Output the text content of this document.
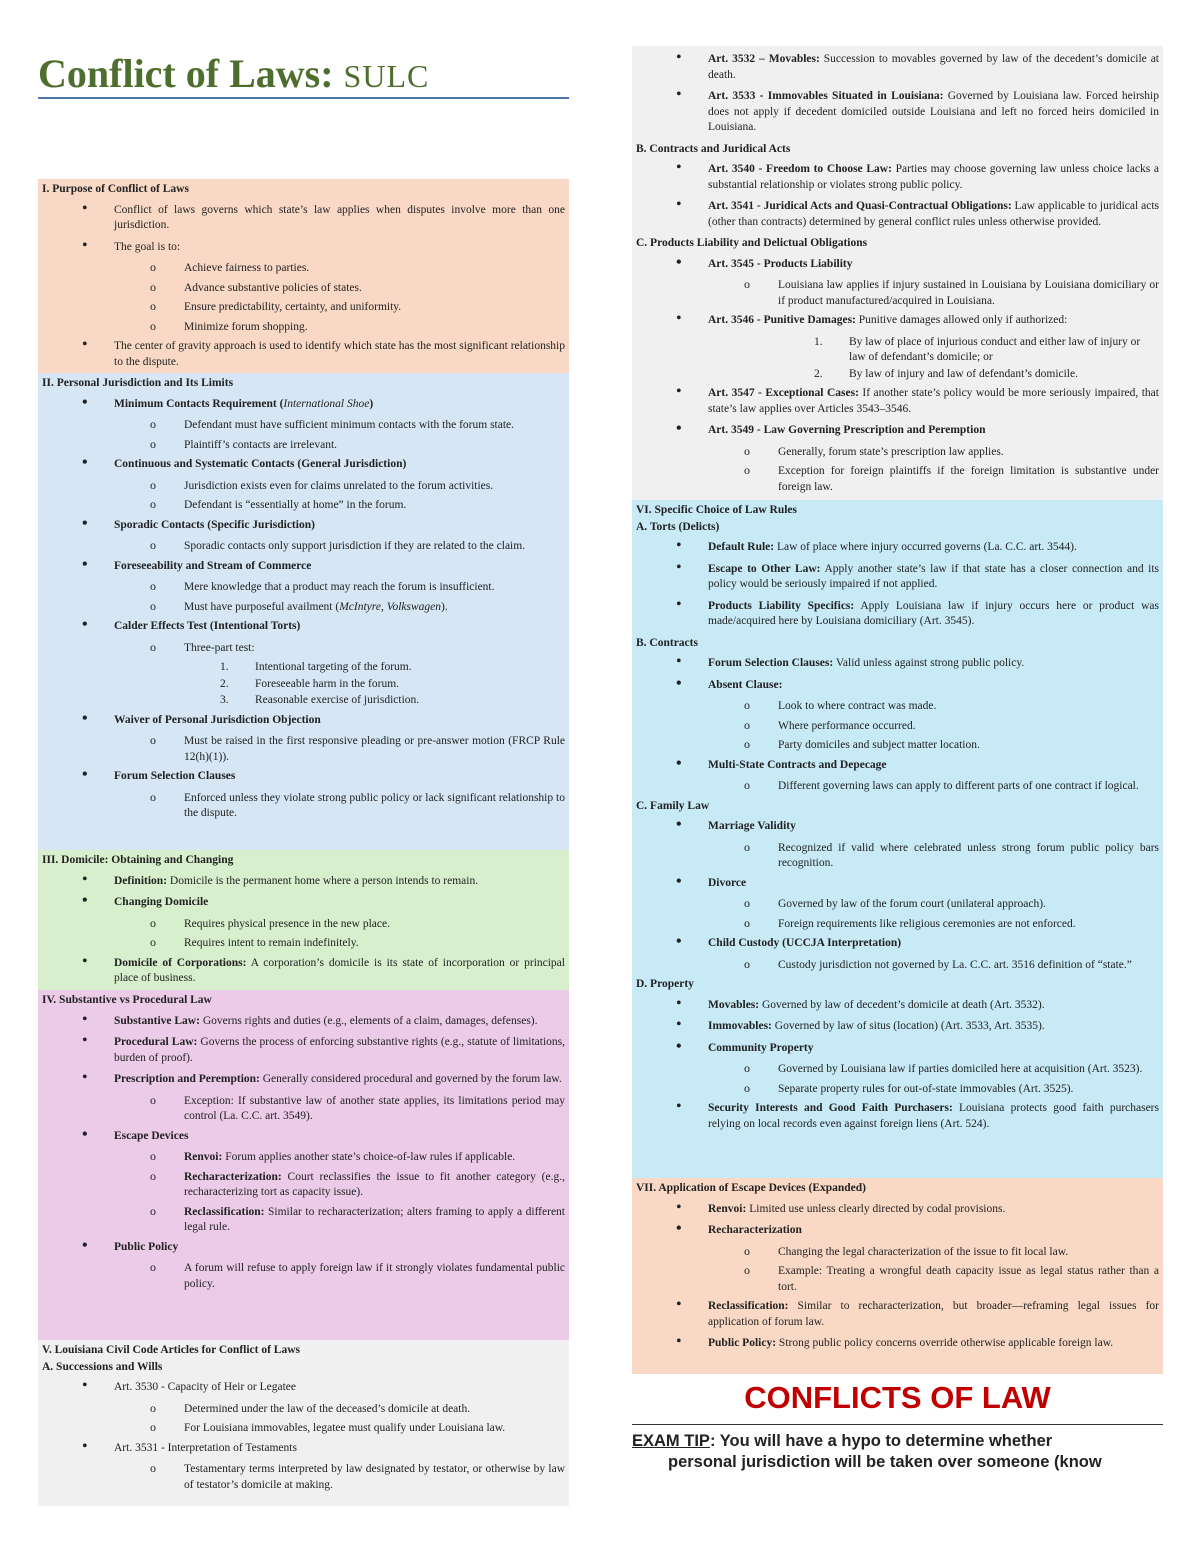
Conflict of Laws: SULC
I. Purpose of Conflict of Laws
• Conflict of laws governs which state’s law applies when disputes involve more than one jurisdiction.
• The goal is to:
o Achieve fairness to parties.
o Advance substantive policies of states.
o Ensure predictability, certainty, and uniformity.
o Minimize forum shopping.
• The center of gravity approach is used to identify which state has the most significant relationship to the dispute.
II. Personal Jurisdiction and Its Limits
• Minimum Contacts Requirement (International Shoe)
o Defendant must have sufficient minimum contacts with the forum state.
o Plaintiff’s contacts are irrelevant.
• Continuous and Systematic Contacts (General Jurisdiction)
o Jurisdiction exists even for claims unrelated to the forum activities.
o Defendant is “essentially at home” in the forum.
• Sporadic Contacts (Specific Jurisdiction)
o Sporadic contacts only support jurisdiction if they are related to the claim.
• Foreseeability and Stream of Commerce
o Mere knowledge that a product may reach the forum is insufficient.
o Must have purposeful availment (McIntyre, Volkswagen).
• Calder Effects Test (Intentional Torts)
o Three-part test:
1. Intentional targeting of the forum.
2. Foreseeable harm in the forum.
3. Reasonable exercise of jurisdiction.
• Waiver of Personal Jurisdiction Objection
o Must be raised in the first responsive pleading or pre-answer motion (FRCP Rule 12(h)(1)).
• Forum Selection Clauses
o Enforced unless they violate strong public policy or lack significant relationship to the dispute.
III. Domicile: Obtaining and Changing
• Definition: Domicile is the permanent home where a person intends to remain.
• Changing Domicile
o Requires physical presence in the new place.
o Requires intent to remain indefinitely.
• Domicile of Corporations: A corporation’s domicile is its state of incorporation or principal place of business.
IV. Substantive vs Procedural Law
• Substantive Law: Governs rights and duties (e.g., elements of a claim, damages, defenses).
• Procedural Law: Governs the process of enforcing substantive rights (e.g., statute of limitations, burden of proof).
• Prescription and Peremption: Generally considered procedural and governed by the forum law.
o Exception: If substantive law of another state applies, its limitations period may control (La. C.C. art. 3549).
• Escape Devices
o Renvoi: Forum applies another state’s choice-of-law rules if applicable.
o Recharacterization: Court reclassifies the issue to fit another category (e.g., recharacterizing tort as capacity issue).
o Reclassification: Similar to recharacterization; alters framing to apply a different legal rule.
• Public Policy
o A forum will refuse to apply foreign law if it strongly violates fundamental public policy.
V. Louisiana Civil Code Articles for Conflict of Laws
A. Successions and Wills
• Art. 3530 - Capacity of Heir or Legatee
o Determined under the law of the deceased’s domicile at death.
o For Louisiana immovables, legatee must qualify under Louisiana law.
• Art. 3531 - Interpretation of Testaments
o Testamentary terms interpreted by law designated by testator, or otherwise by law of testator’s domicile at making.
• Art. 3532 – Movables: Succession to movables governed by law of the decedent’s domicile at death.
• Art. 3533 - Immovables Situated in Louisiana: Governed by Louisiana law. Forced heirship does not apply if decedent domiciled outside Louisiana and left no forced heirs domiciled in Louisiana.
B. Contracts and Juridical Acts
• Art. 3540 - Freedom to Choose Law: Parties may choose governing law unless choice lacks a substantial relationship or violates strong public policy.
• Art. 3541 - Juridical Acts and Quasi-Contractual Obligations: Law applicable to juridical acts (other than contracts) determined by general conflict rules unless otherwise provided.
C. Products Liability and Delictual Obligations
• Art. 3545 - Products Liability
o Louisiana law applies if injury sustained in Louisiana by Louisiana domiciliary or if product manufactured/acquired in Louisiana.
• Art. 3546 - Punitive Damages: Punitive damages allowed only if authorized:
1. By law of place of injurious conduct and either law of injury or law of defendant’s domicile; or
2. By law of injury and law of defendant’s domicile.
• Art. 3547 - Exceptional Cases: If another state’s policy would be more seriously impaired, that state’s law applies over Articles 3543–3546.
• Art. 3549 - Law Governing Prescription and Peremption
o Generally, forum state’s prescription law applies.
o Exception for foreign plaintiffs if the foreign limitation is substantive under foreign law.
VI. Specific Choice of Law Rules
A. Torts (Delicts)
• Default Rule: Law of place where injury occurred governs (La. C.C. art. 3544).
• Escape to Other Law: Apply another state’s law if that state has a closer connection and its policy would be seriously impaired if not applied.
• Products Liability Specifics: Apply Louisiana law if injury occurs here or product was made/acquired here by Louisiana domiciliary (Art. 3545).
B. Contracts
• Forum Selection Clauses: Valid unless against strong public policy.
• Absent Clause:
o Look to where contract was made.
o Where performance occurred.
o Party domiciles and subject matter location.
• Multi-State Contracts and Depecage
o Different governing laws can apply to different parts of one contract if logical.
C. Family Law
• Marriage Validity
o Recognized if valid where celebrated unless strong forum public policy bars recognition.
• Divorce
o Governed by law of the forum court (unilateral approach).
o Foreign requirements like religious ceremonies are not enforced.
• Child Custody (UCCJA Interpretation)
o Custody jurisdiction not governed by La. C.C. art. 3516 definition of “state.”
D. Property
• Movables: Governed by law of decedent’s domicile at death (Art. 3532).
• Immovables: Governed by law of situs (location) (Art. 3533, Art. 3535).
• Community Property
o Governed by Louisiana law if parties domiciled here at acquisition (Art. 3523).
o Separate property rules for out-of-state immovables (Art. 3525).
• Security Interests and Good Faith Purchasers: Louisiana protects good faith purchasers relying on local records even against foreign liens (Art. 524).
VII. Application of Escape Devices (Expanded)
• Renvoi: Limited use unless clearly directed by codal provisions.
• Recharacterization
o Changing the legal characterization of the issue to fit local law.
o Example: Treating a wrongful death capacity issue as legal status rather than a tort.
• Reclassification: Similar to recharacterization, but broader—reframing legal issues for application of forum law.
• Public Policy: Strong public policy concerns override otherwise applicable foreign law.
CONFLICTS OF LAW
EXAM TIP: You will have a hypo to determine whether
personal jurisdiction will be taken over someone (know
